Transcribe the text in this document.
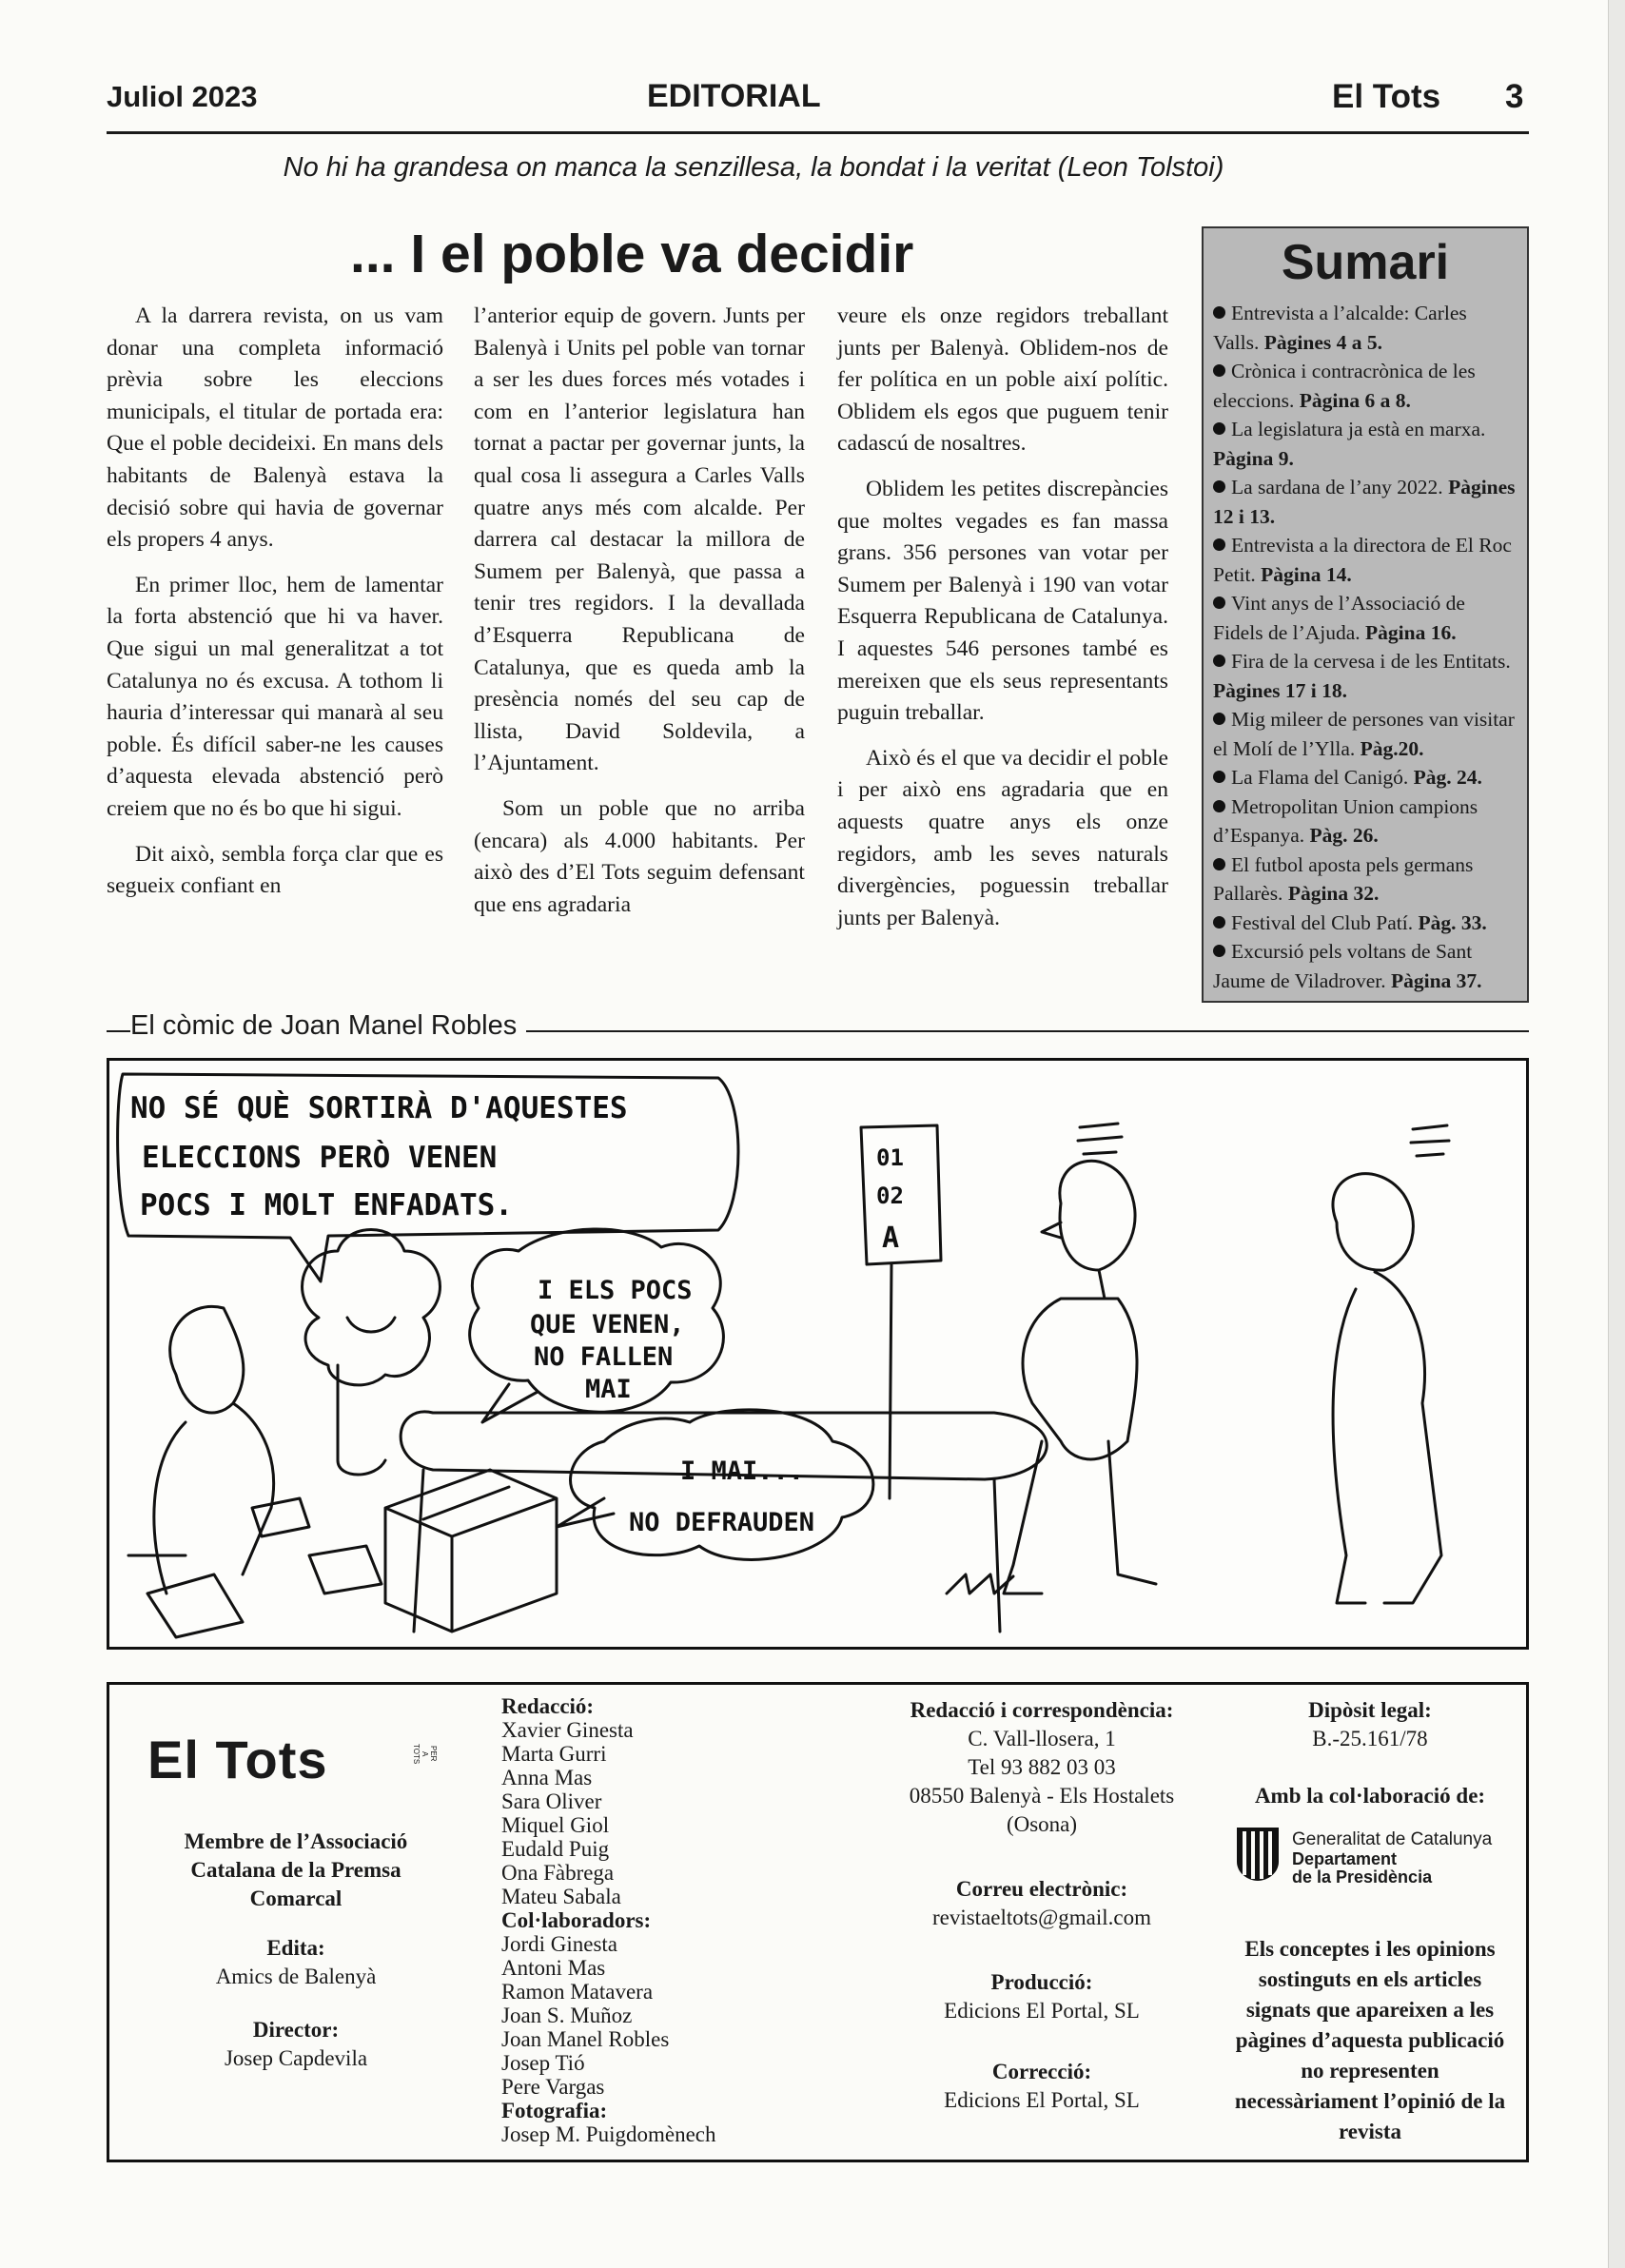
Juliol 2023	EDITORIAL	El Tots 3
No hi ha grandesa on manca la senzillesa, la bondat i la veritat (Leon Tolstoi)
... I el poble va decidir

A la darrera revista, on us vam donar una completa informació prèvia sobre les eleccions municipals, el titular de portada era: Que el poble decideixi. En mans dels habitants de Balenyà estava la decisió sobre qui havia de governar els propers 4 anys.

En primer lloc, hem de lamentar la forta abstenció que hi va haver. Que sigui un mal generalitzat a tot Catalunya no és excusa. A tothom li hauria d’interessar qui manarà al seu poble. És difícil saber-ne les causes d’aquesta elevada abstenció però creiem que no és bo que hi sigui.

Dit això, sembla força clar que es segueix confiant en

l’anterior equip de govern. Junts per Balenyà i Units pel poble van tornar a ser les dues forces més votades i com en l’anterior legislatura han tornat a pactar per governar junts, la qual cosa li assegura a Carles Valls quatre anys més com alcalde. Per darrera cal destacar la millora de Sumem per Balenyà, que passa a tenir tres regidors. I la devallada d’Esquerra Republicana de Catalunya, que es queda amb la presència només del seu cap de llista, David Soldevila, a l’Ajuntament.

Som un poble que no arriba (encara) als 4.000 habitants. Per això des d’El Tots seguim defensant que ens agradaria

veure els onze regidors treballant junts per Balenyà. Oblidem-nos de fer política en un poble així polític. Oblidem els egos que puguem tenir cadascú de nosaltres.

Oblidem les petites discrepàncies que moltes vegades es fan massa grans. 356 persones van votar per Sumem per Balenyà i 190 van votar Esquerra Republicana de Catalunya. I aquestes 546 persones també es mereixen que els seus representants puguin treballar.

Això és el que va decidir el poble i per això ens agradaria que en aquests quatre anys els onze regidors, amb les seves naturals divergències, poguessin treballar junts per Balenyà.

Sumari
Entrevista a l’alcalde: Carles Valls. Pàgines 4 a 5.
Crònica i contracrònica de les eleccions. Pàgina 6 a 8.
La legislatura ja està en marxa. Pàgina 9.
La sardana de l’any 2022. Pàgines 12 i 13.
Entrevista a la directora de El Roc Petit. Pàgina 14.
Vint anys de l’Associació de Fidels de l’Ajuda. Pàgina 16.
Fira de la cervesa i de les Entitats. Pàgines 17 i 18.
Mig mileer de persones van visitar el Molí de l’Ylla. Pàg.20.
La Flama del Canigó. Pàg. 24.
Metropolitan Union campions d’Espanya. Pàg. 26.
El futbol aposta pels germans Pallarès. Pàgina 32.
Festival del Club Patí. Pàg. 33.
Excursió pels voltans de Sant Jaume de Viladrover. Pàgina 37.
El còmic de Joan Manel Robles
NO SÉ QUÈ SORTIRÀ D'AQUESTES
ELECCIONS PERÒ VENEN
POCS I MOLT ENFADATS.
I ELS POCS
QUE VENEN,
NO FALLEN
MAI
I MAI...
NO DEFRAUDEN
01
02
A
El Tots	PER A TOTS
Membre de l’Associació Catalana de la Premsa Comarcal
Edita:
Amics de Balenyà
Director:
Josep Capdevila
Redacció:
Xavier Ginesta
Marta Gurri
Anna Mas
Sara Oliver
Miquel Giol
Eudald Puig
Ona Fàbrega
Mateu Sabala
Col·laboradors:
Jordi Ginesta
Antoni Mas
Ramon Matavera
Joan S. Muñoz
Joan Manel Robles
Josep Tió
Pere Vargas
Fotografia:
Josep M. Puigdomènech
Redacció i correspondència:
C. Vall-llosera, 1
Tel 93 882 03 03
08550 Balenyà - Els Hostalets
(Osona)
Correu electrònic:
revistaeltots@gmail.com
Producció:
Edicions El Portal, SL
Correcció:
Edicions El Portal, SL
Dipòsit legal:
B.-25.161/78
Amb la col·laboració de:
Generalitat de Catalunya
Departament
de la Presidència
Els conceptes i les opinions sostinguts en els articles signats que apareixen a les pàgines d’aquesta publicació no representen necessàriament l’opinió de la revista
